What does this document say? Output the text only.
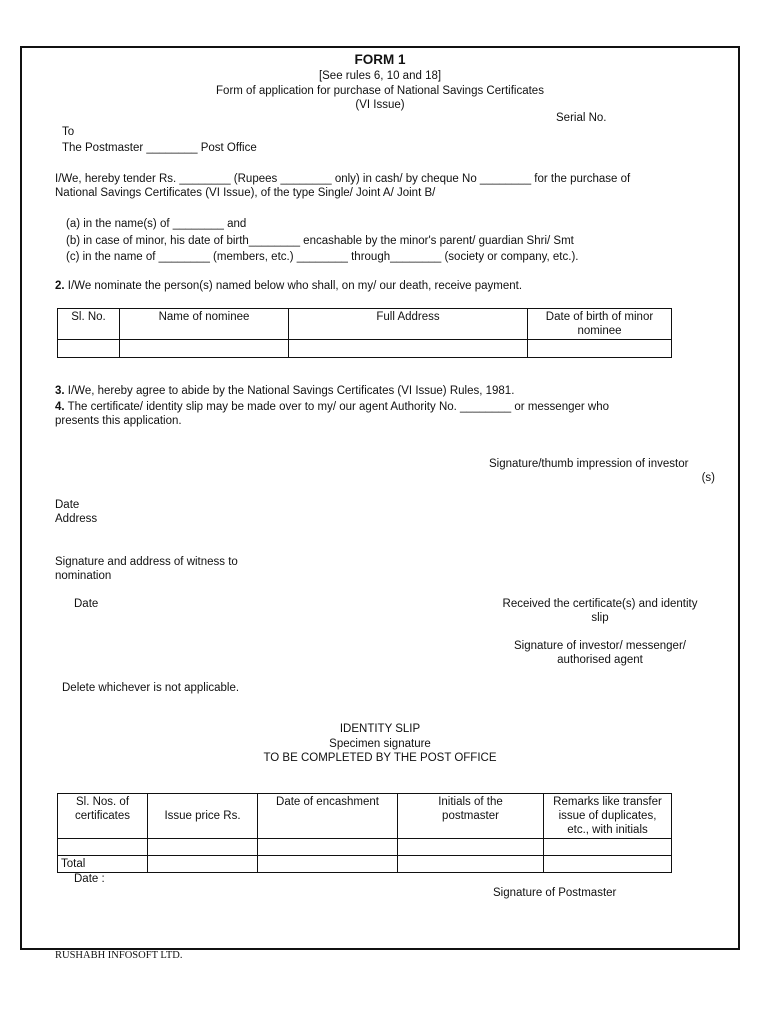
FORM 1
[See rules 6, 10 and 18]
Form of application for purchase of National Savings Certificates
(VI Issue)
Serial No.
To
The Postmaster ________ Post Office
I/We, hereby tender Rs. ________ (Rupees ________ only) in cash/ by cheque No ________ for the purchase of
National Savings Certificates (VI Issue), of the type Single/ Joint A/ Joint B/
(a) in the name(s) of ________ and
(b) in case of minor, his date of birth________ encashable by the minor's parent/ guardian Shri/ Smt
(c) in the name of ________ (members, etc.) ________ through________ (society or company, etc.).
2. I/We nominate the person(s) named below who shall, on my/ our death, receive payment.
Sl. No.	Name of nominee	Full Address	Date of birth of minor nominee

3. I/We, hereby agree to abide by the National Savings Certificates (VI Issue) Rules, 1981.
4. The certificate/ identity slip may be made over to my/ our agent Authority No. ________ or messenger who
presents this application.
Signature/thumb impression of investor
(s)
Date
Address
Signature and address of witness to
nomination
Date	Received the certificate(s) and identity
slip
Signature of investor/ messenger/
authorised agent
Delete whichever is not applicable.
IDENTITY SLIP
Specimen signature
TO BE COMPLETED BY THE POST OFFICE
Sl. Nos. of certificates	Issue price Rs.	Date of encashment	Initials of the postmaster	Remarks like transfer issue of duplicates, etc., with initials

Total				
Date :
Signature of Postmaster
RUSHABH INFOSOFT LTD.
